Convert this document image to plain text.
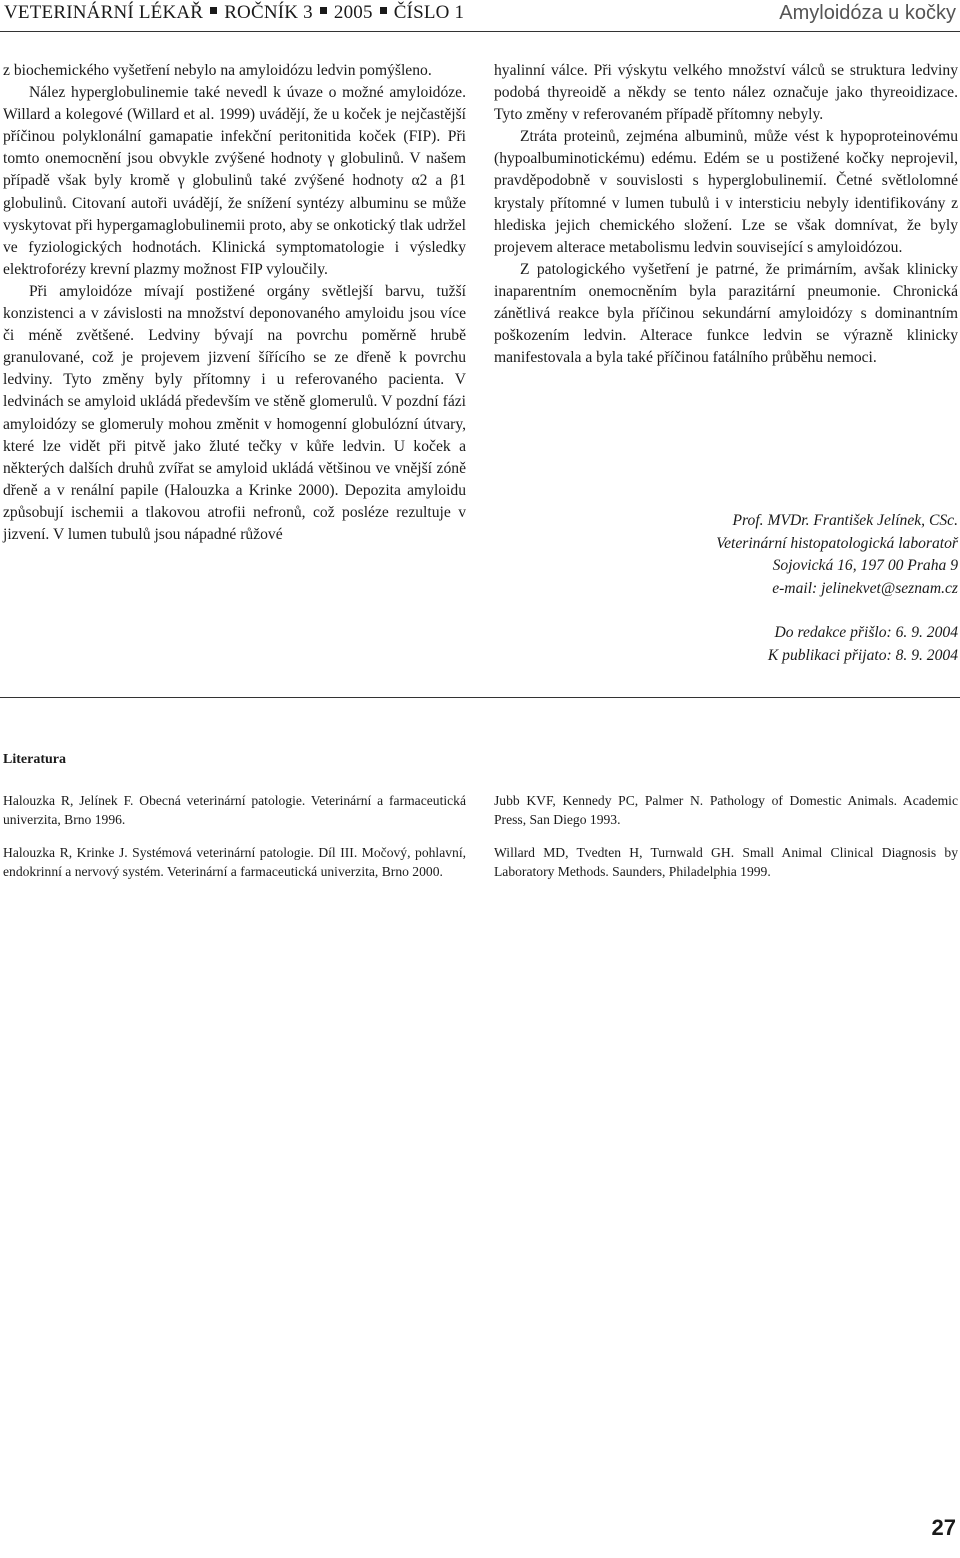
VETERINÁRNÍ LÉKAŘ ROČNÍK 3 2005 ČÍSLO 1	Amyloidóza u kočky

z biochemického vyšetření nebylo na amyloidózu ledvin pomýšleno.

Nález hyperglobulinemie také nevedl k úvaze o možné amyloidóze. Willard a kolegové (Willard et al. 1999) uvádějí, že u koček je nejčastější příčinou polyklonální gamapatie infekční peritonitida koček (FIP). Při tomto onemocnění jsou obvykle zvýšené hodnoty γ globulinů. V našem případě však byly kromě γ globulinů také zvýšené hodnoty α2 a β1 globulinů. Citovaní autoři uvádějí, že snížení syntézy albuminu se může vyskytovat při hypergamaglobulinemii proto, aby se onkotický tlak udržel ve fyziologických hodnotách. Klinická symptomatologie i výsledky elektroforézy krevní plazmy možnost FIP vyloučily.

Při amyloidóze mívají postižené orgány světlejší barvu, tužší konzistenci a v závislosti na množství deponovaného amyloidu jsou více či méně zvětšené. Ledviny bývají na povrchu poměrně hrubě granulované, což je projevem jizvení šířícího se ze dřeně k povrchu ledviny. Tyto změny byly přítomny i u referovaného pacienta. V ledvinách se amyloid ukládá především ve stěně glomerulů. V pozdní fázi amyloidózy se glomeruly mohou změnit v homogenní globulózní útvary, které lze vidět při pitvě jako žluté tečky v kůře ledvin. U koček a některých dalších druhů zvířat se amyloid ukládá většinou ve vnější zóně dřeně a v renální papile (Halouzka a Krinke 2000). Depozita amyloidu způsobují ischemii a tlakovou atrofii nefronů, což posléze rezultuje v jizvení. V lumen tubulů jsou nápadné růžové

hyalinní válce. Při výskytu velkého množství válců se struktura ledviny podobá thyreoidě a někdy se tento nález označuje jako thyreoidizace. Tyto změny v referovaném případě přítomny nebyly.

Ztráta proteinů, zejména albuminů, může vést k hypoproteinovému (hypoalbuminotickému) edému. Edém se u postižené kočky neprojevil, pravděpodobně v souvislosti s hyperglobulinemií. Četné světlolomné krystaly přítomné v lumen tubulů i v intersticiu nebyly identifikovány z hlediska jejich chemického složení. Lze se však domnívat, že byly projevem alterace metabolismu ledvin související s amyloidózou.

Z patologického vyšetření je patrné, že primárním, avšak klinicky inaparentním onemocněním byla parazitární pneumonie. Chronická zánětlivá reakce byla příčinou sekundární amyloidózy s dominantním poškozením ledvin. Alterace funkce ledvin se výrazně klinicky manifestovala a byla také příčinou fatálního průběhu nemoci.

Prof. MVDr. František Jelínek, CSc.
Veterinární histopatologická laboratoř
Sojovická 16, 197 00 Praha 9
e-mail: jelinekvet@seznam.cz
Do redakce přišlo: 6. 9. 2004
K publikaci přijato: 8. 9. 2004
Literatura

Halouzka R, Jelínek F. Obecná veterinární patologie. Veterinární a farmaceutická univerzita, Brno 1996.

Halouzka R, Krinke J. Systémová veterinární patologie. Díl III. Močový, pohlavní, endokrinní a nervový systém. Veterinární a farmaceutická univerzita, Brno 2000.

Jubb KVF, Kennedy PC, Palmer N. Pathology of Domestic Animals. Academic Press, San Diego 1993.

Willard MD, Tvedten H, Turnwald GH. Small Animal Clinical Diagnosis by Laboratory Methods. Saunders, Philadelphia 1999.

27
